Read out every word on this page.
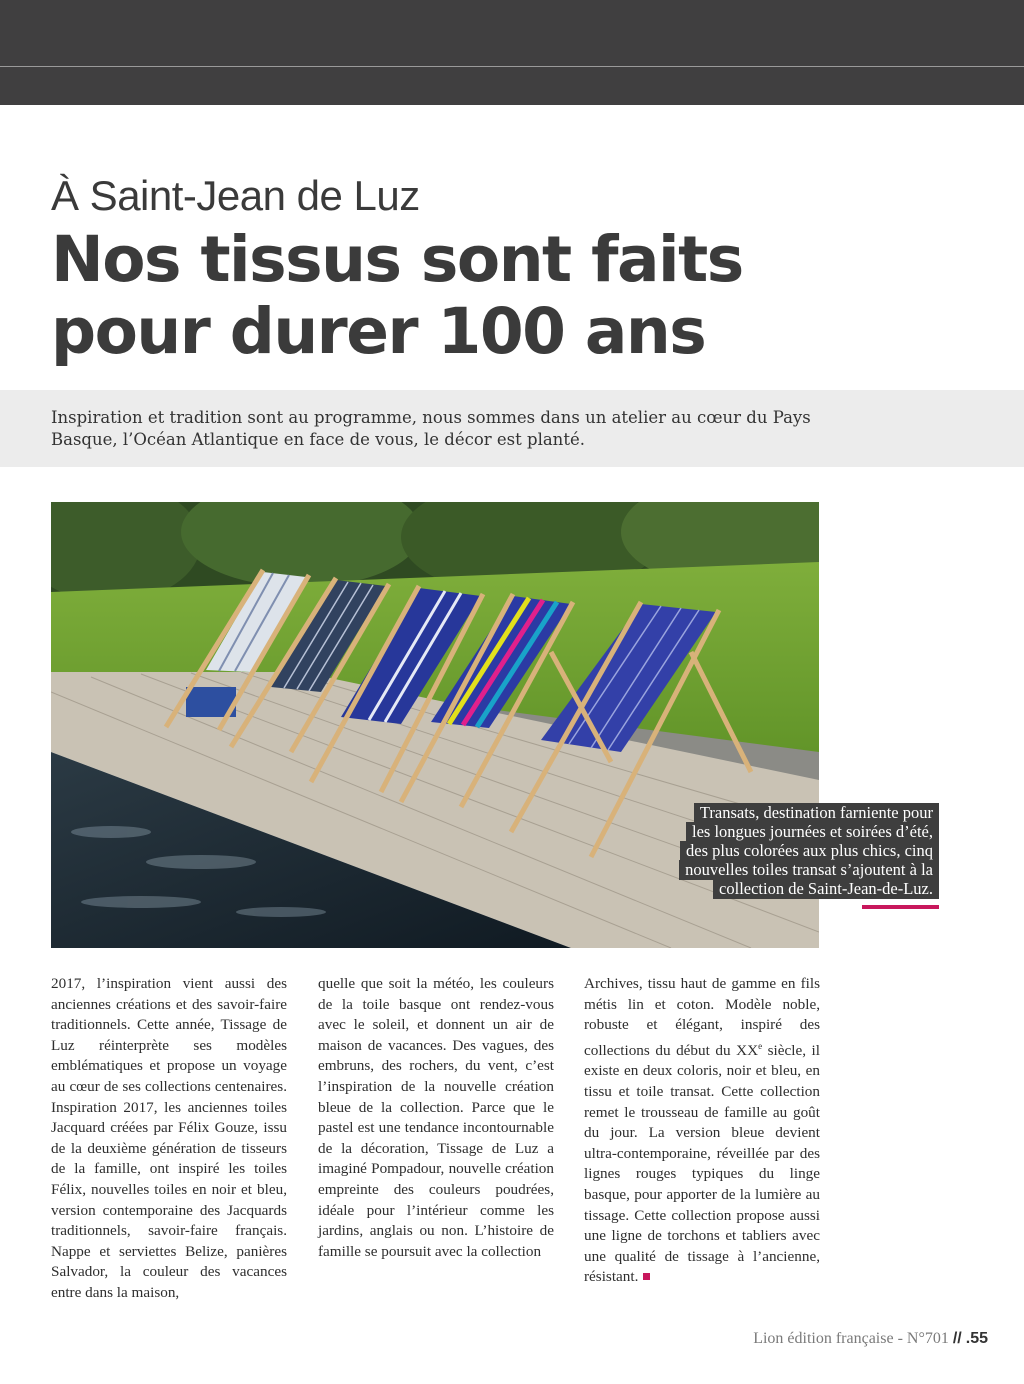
À Saint-Jean de Luz
Nos tissus sont faits
pour durer 100 ans

Inspiration et tradition sont au programme, nous sommes dans un atelier au cœur du Pays Basque, l’Océan Atlantique en face de vous, le décor est planté.

Transats, destination farniente pour
les longues journées et soirées d’été,
des plus colorées aux plus chics, cinq
nouvelles toiles transat s’ajoutent à la
collection de Saint-Jean-de-Luz.

2017, l’inspiration vient aussi des anciennes créations et des savoir-faire traditionnels. Cette année, Tissage de Luz réinterprète ses modèles emblématiques et propose un voyage au cœur de ses collections centenaires. Inspiration 2017, les anciennes toiles Jacquard créées par Félix Gouze, issu de la deuxième génération de tisseurs de la famille, ont inspiré les toiles Félix, nouvelles toiles en noir et bleu, version contemporaine des Jacquards traditionnels, savoir-faire français. Nappe et serviettes Belize, panières Salvador, la couleur des vacances entre dans la maison,

quelle que soit la météo, les couleurs de la toile basque ont rendez-vous avec le soleil, et donnent un air de maison de vacances. Des vagues, des embruns, des rochers, du vent, c’est l’inspiration de la nouvelle création bleue de la collection. Parce que le pastel est une tendance incontournable de la décoration, Tissage de Luz a imaginé Pompadour, nouvelle création empreinte des couleurs poudrées, idéale pour l’intérieur comme les jardins, anglais ou non. L’histoire de famille se poursuit avec la collection

Archives, tissu haut de gamme en fils métis lin et coton. Modèle noble, robuste et élégant, inspiré des collections du début du XXe siècle, il existe en deux coloris, noir et bleu, en tissu et toile transat. Cette collection remet le trousseau de famille au goût du jour. La version bleue devient ultra-contemporaine, réveillée par des lignes rouges typiques du linge basque, pour apporter de la lumière au tissage. Cette collection propose aussi une ligne de torchons et tabliers avec une qualité de tissage à l’ancienne, résistant.

Lion édition française - N°701 // .55
